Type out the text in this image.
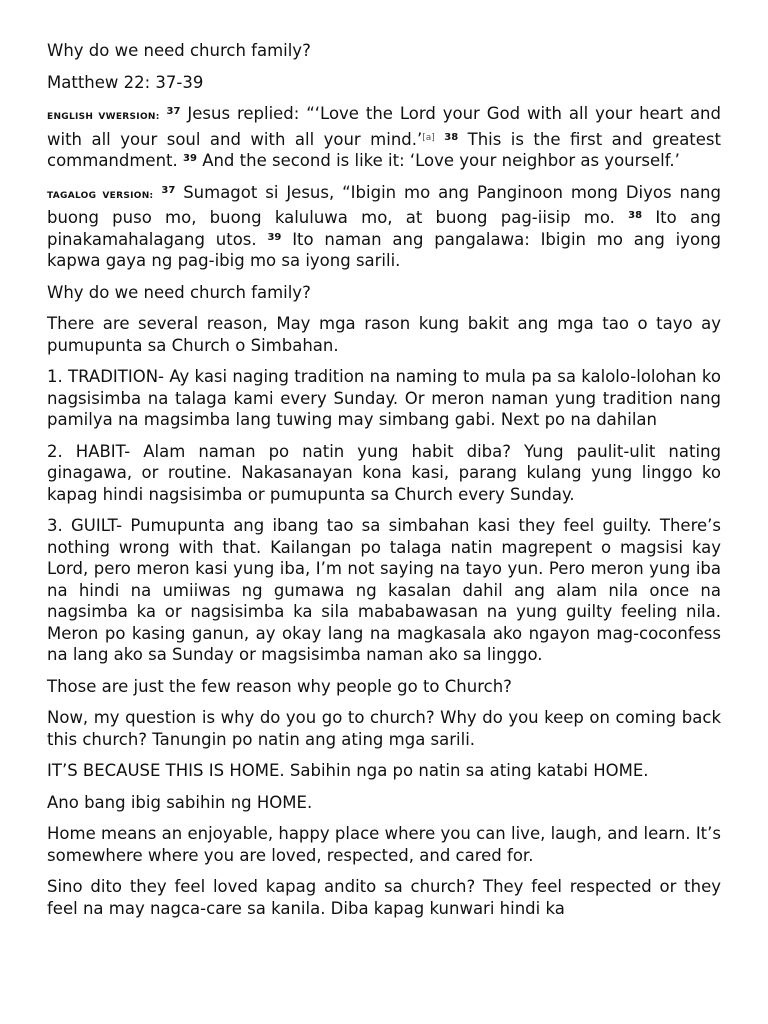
Why do we need church family?

Matthew 22: 37-39

ENGLISH VWERSION: $^{37}$ Jesus replied: “‘Love the Lord your God with all your heart and with all your soul and with all your mind.’[a] $^{38}$ This is the first and greatest commandment. $^{39}$ And the second is like it: ‘Love your neighbor as yourself.’

TAGALOG VERSION: $^{37}$ Sumagot si Jesus, “Ibigin mo ang Panginoon mong Diyos nang buong puso mo, buong kaluluwa mo, at buong pag-iisip mo. $^{38}$ Ito ang pinakamahalagang utos. $^{39}$ Ito naman ang pangalawa: Ibigin mo ang iyong kapwa gaya ng pag-ibig mo sa iyong sarili.

Why do we need church family?

There are several reason, May mga rason kung bakit ang mga tao o tayo ay pumupunta sa Church o Simbahan.

1. TRADITION- Ay kasi naging tradition na naming to mula pa sa kalolo-lolohan ko nagsisimba na talaga kami every Sunday. Or meron naman yung tradition nang pamilya na magsimba lang tuwing may simbang gabi. Next po na dahilan

2. HABIT- Alam naman po natin yung habit diba? Yung paulit-ulit nating ginagawa, or routine. Nakasanayan kona kasi, parang kulang yung linggo ko kapag hindi nagsisimba or pumupunta sa Church every Sunday.

3. GUILT- Pumupunta ang ibang tao sa simbahan kasi they feel guilty. There’s nothing wrong with that. Kailangan po talaga natin magrepent o magsisi kay Lord, pero meron kasi yung iba, I’m not saying na tayo yun. Pero meron yung iba na hindi na umiiwas ng gumawa ng kasalan dahil ang alam nila once na nagsimba ka or nagsisimba ka sila mababawasan na yung guilty feeling nila. Meron po kasing ganun, ay okay lang na magkasala ako ngayon mag-coconfess na lang ako sa Sunday or magsisimba naman ako sa linggo.

Those are just the few reason why people go to Church?

Now, my question is why do you go to church? Why do you keep on coming back this church? Tanungin po natin ang ating mga sarili.

IT’S BECAUSE THIS IS HOME. Sabihin nga po natin sa ating katabi HOME.

Ano bang ibig sabihin ng HOME.

Home means an enjoyable, happy place where you can live, laugh, and learn. It’s somewhere where you are loved, respected, and cared for.

Sino dito they feel loved kapag andito sa church? They feel respected or they feel na may nagca-care sa kanila. Diba kapag kunwari hindi ka
